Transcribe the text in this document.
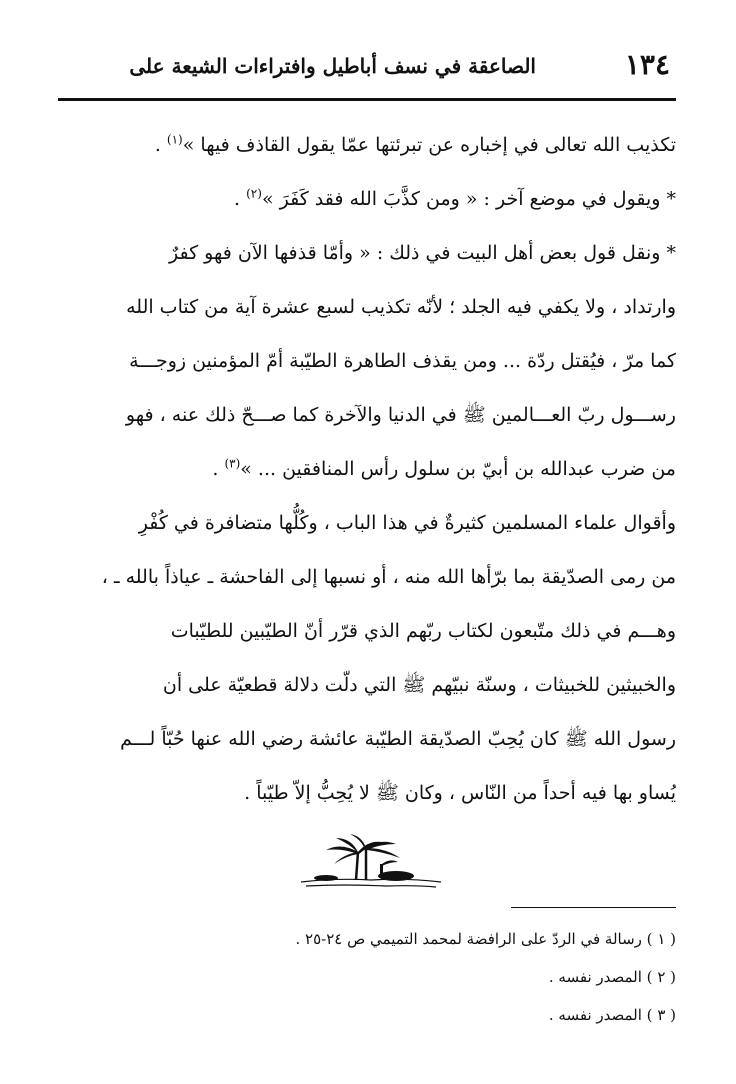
الصاعقة في نسف أباطيل وافتراءات الشيعة على	١٣٤

تكذيب الله تعالى في إخباره عن تبرئتها عمّا يقول القاذف فيها »$^{(١)}$ .

* ويقول في موضع آخر : « ومن كذَّبَ الله فقد كَفَرَ »$^{(٢)}$ .

* ونقل قول بعض أهل البيت في ذلك : « وأمّا قذفها الآن فهو كفرٌ
وارتداد ، ولا يكفي فيه الجلد ؛ لأنّه تكذيب لسبع عشرة آية من كتاب الله
كما مرّ ، فيُقتل ردّة ... ومن يقذف الطاهرة الطيّبة أمّ المؤمنين زوجـــة
رســـول ربّ العـــالمين ﷺ في الدنيا والآخرة كما صـــحّ ذلك عنه ، فهو
من ضرب عبدالله بن أبيّ بن سلول رأس المنافقين ... »$^{(٣)}$ .

وأقوال علماء المسلمين كثيرةٌ في هذا الباب ، وكُلُّها متضافرة في كُفْرِ
من رمى الصدّيقة بما برّأها الله منه ، أو نسبها إلى الفاحشة ـ عياذاً بالله ـ ،
وهـــم في ذلك متّبعون لكتاب ربّهم الذي قرّر أنّ الطيّبين للطيّبات
والخبيثين للخبيثات ، وسنّة نبيّهم ﷺ التي دلّت دلالة قطعيّة على أن
رسول الله ﷺ كان يُحِبّ الصدّيقة الطيّبة عائشة رضي الله عنها حُبّاً لـــم
يُساو بها فيه أحداً من النّاس ، وكان ﷺ لا يُحِبُّ إلاّ طيّباً .

( ١ ) رسالة في الردّ على الرافضة لمحمد التميمي ص ٢٤-٢٥ .
( ٢ ) المصدر نفسه .
( ٣ ) المصدر نفسه .
